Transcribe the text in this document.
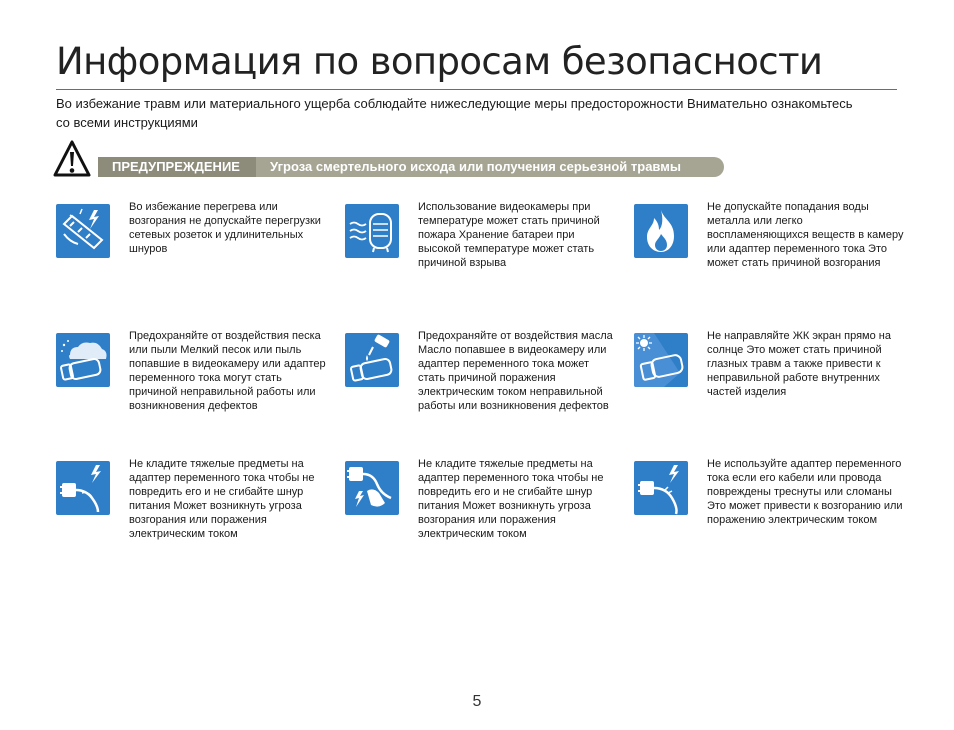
Информация по вопросам безопасности

Во избежание травм или материального ущерба соблюдайте нижеследующие меры предосторожности Внимательно ознакомьтесь со всеми инструкциями

ПРЕДУПРЕЖДЕНИЕ Угроза смертельного исхода или получения серьезной травмы
Во избежание перегрева или возгорания не допускайте перегрузки сетевых розеток и удлинительных шнуров
Использование видеокамеры при температуре может стать причиной пожара Хранение батареи при высокой температуре может стать причиной взрыва
Не допускайте попадания воды металла или легко воспламеняющихся веществ в камеру или адаптер переменного тока Это может стать причиной возгорания
Предохраняйте от воздействия песка или пыли Мелкий песок или пыль попавшие в видеокамеру или адаптер переменного тока могут стать причиной неправильной работы или возникновения дефектов
Предохраняйте от воздействия масла Масло попавшее в видеокамеру или адаптер переменного тока может стать причиной поражения электрическим током неправильной работы или возникновения дефектов
Не направляйте ЖК экран прямо на солнце Это может стать причиной глазных травм а также привести к неправильной работе внутренних частей изделия
Не кладите тяжелые предметы на адаптер переменного тока чтобы не повредить его и не сгибайте шнур питания Может возникнуть угроза возгорания или поражения электрическим током
Не кладите тяжелые предметы на адаптер переменного тока чтобы не повредить его и не сгибайте шнур питания Может возникнуть угроза возгорания или поражения электрическим током
Не используйте адаптер переменного тока если его кабели или провода повреждены треснуты или сломаны Это может привести к возгоранию или поражению электрическим током
5
